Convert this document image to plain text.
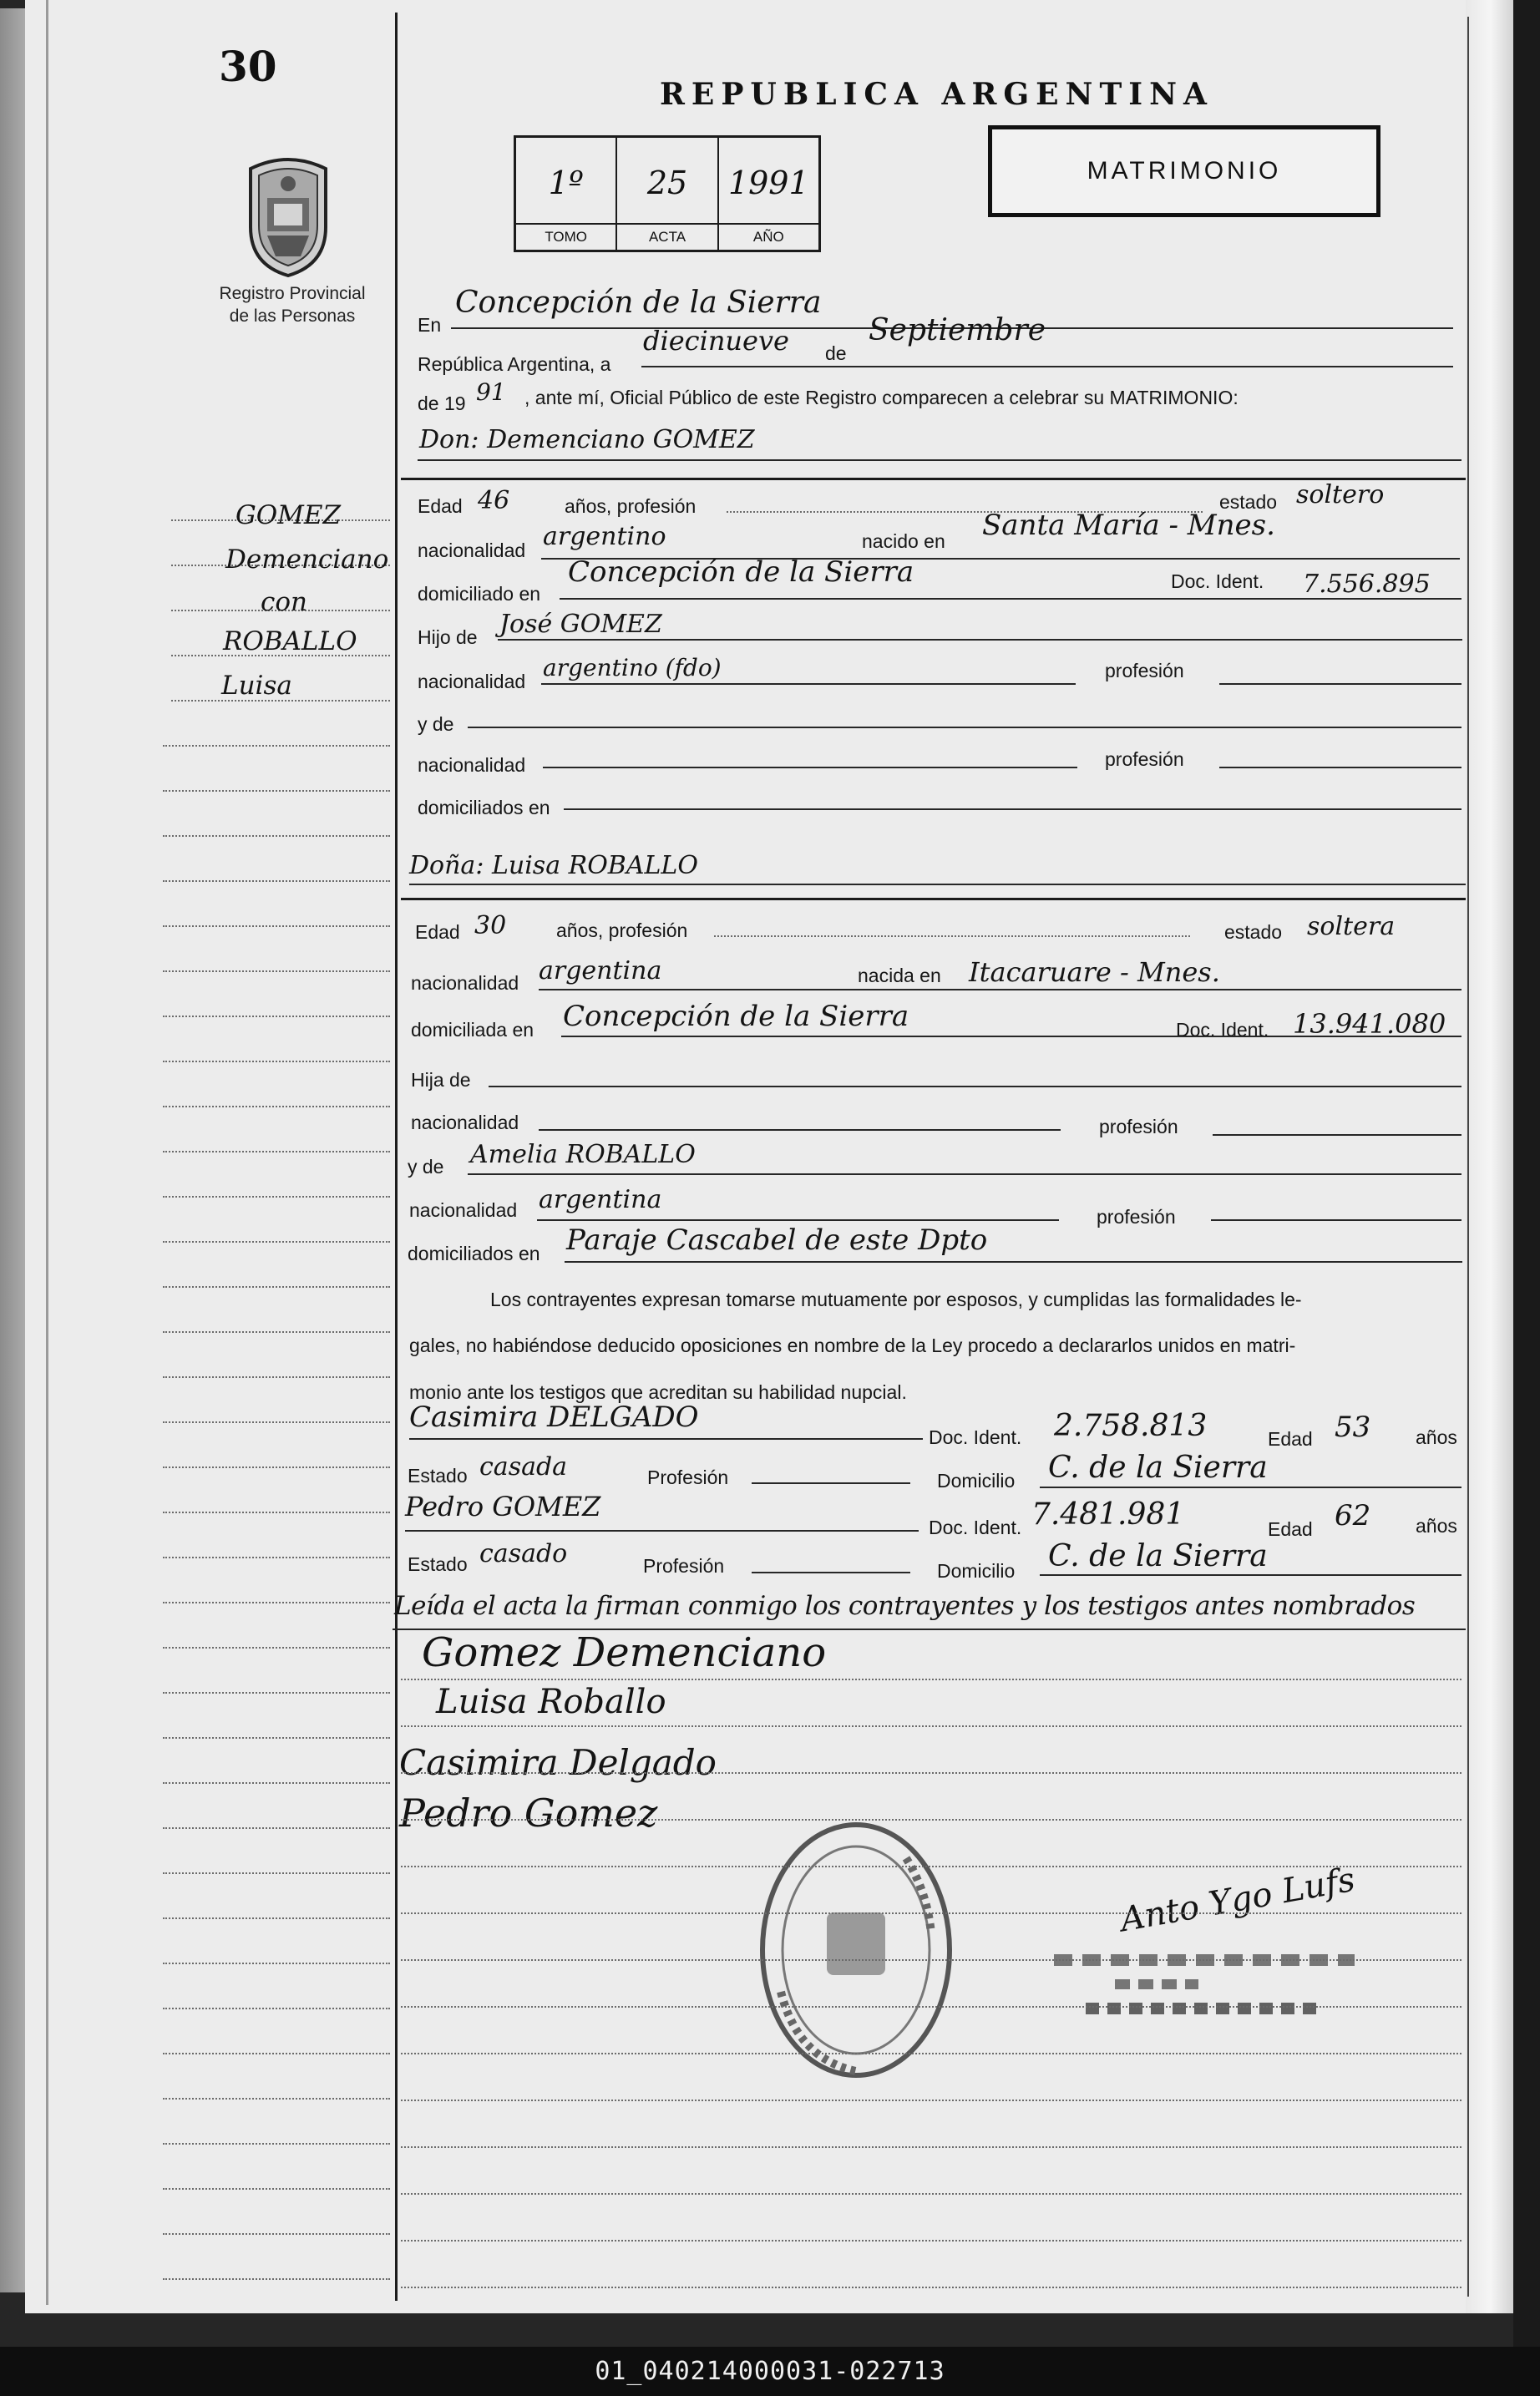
30
REPUBLICA ARGENTINA
MATRIMONIO
1º
TOMO
25
ACTA
1991
AÑO
Registro Provincial
de las Personas
GOMEZ
Demenciano
con
ROBALLO
Luisa
En
Concepción de la Sierra
República Argentina, a
diecinueve de
Septiembre
de 19 91 , ante mí, Oficial Público de este Registro comparecen a celebrar su MATRIMONIO:
Don: Demenciano GOMEZ
Edad 46	años, profesión	estado soltero
nacionalidad argentino	nacido en Santa María - Mnes.
domiciliado en
Concepción de la Sierra	Doc. Ident. 7.556.895
Hijo de José GOMEZ
nacionalidad argentino (fdo)	profesión
y de
nacionalidad	profesión
domiciliados en
Doña: Luisa ROBALLO
Edad 30	años, profesión	estado soltera
nacionalidad argentina	nacida en Itacaruare - Mnes.
domiciliada en Concepción de la Sierra	Doc. Ident. 13.941.080
Hija de
nacionalidad	profesión
y de Amelia ROBALLO
nacionalidad argentina
profesión
domiciliados en Paraje Cascabel de este Dpto
Los contrayentes expresan tomarse mutuamente por esposos, y cumplidas las formalidades le-
gales, no habiéndose deducido oposiciones en nombre de la Ley procedo a declararlos unidos en matri-
monio ante los testigos que acreditan su habilidad nupcial.
Casimira DELGADO
Doc. Ident. 2.758.813	Edad 53 años
Estado casada	Profesión	Domicilio C. de la Sierra
Pedro GOMEZ
Doc. Ident. 7.481.981	Edad 62 años
Estado casado	Profesión	Domicilio C. de la Sierra
Leída el acta la firman conmigo los contrayentes y los testigos antes nombrados
Gomez Demenciano
Luisa Roballo
Casimira Delgado
Pedro Gomez
Anto Ygo Lufs
01_040214000031-022713
